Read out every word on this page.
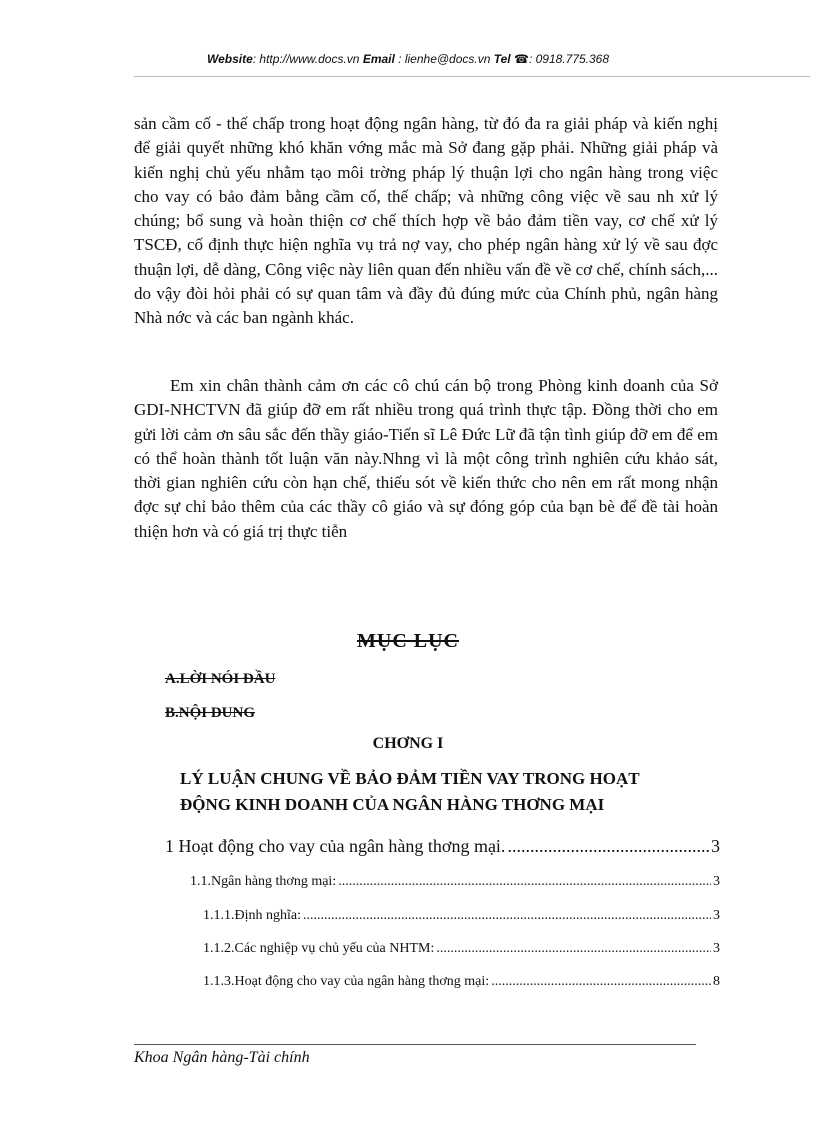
Website: http://www.docs.vn Email : lienhe@docs.vn Tel ☎: 0918.775.368
sản cầm cố - thế chấp trong hoạt động ngân hàng, từ đó đa ra giải pháp và kiến nghị để giải quyết những khó khăn vớng mắc mà Sở đang gặp phải. Những giải pháp và kiến nghị chủ yếu nhằm tạo môi trờng pháp lý thuận lợi cho ngân hàng trong việc cho vay có bảo đảm bằng cầm cố, thế chấp; và những công việc về sau nh xử lý chúng; bổ sung và hoàn thiện cơ chế thích hợp về bảo đảm tiền vay, cơ chế xử lý TSCĐ, cố định thực hiện nghĩa vụ trả nợ vay, cho phép ngân hàng xử lý về sau đợc thuận lợi, dễ dàng, Công việc này liên quan đến nhiều vấn đề về cơ chế, chính sách,... do vậy đòi hỏi phải có sự quan tâm và đầy đủ đúng mức của Chính phủ, ngân hàng Nhà nớc và các ban ngành khác.
Em xin chân thành cảm ơn các cô chú cán bộ trong Phòng kinh doanh của Sở GDI-NHCTVN đã giúp đỡ em rất nhiều trong quá trình thực tập. Đồng thời cho em gửi lời cảm ơn sâu sắc đến thầy giáo-Tiến sĩ Lê Đức Lữ đã tận tình giúp đỡ em để em có thể hoàn thành tốt luận văn này.Nhng vì là một công trình nghiên cứu khảo sát, thời gian nghiên cứu còn hạn chế, thiếu sót về kiến thức cho nên em rất mong nhận đợc sự chỉ bảo thêm của các thầy cô giáo và sự đóng góp của bạn bè để đề tài hoàn thiện hơn và có giá trị thực tiễn
MỤC LỤC
A.LỜI NÓI ĐẦU
B.NỘI DUNG
CHƠNG I
LÝ LUẬN CHUNG VỀ BẢO ĐẢM TIỀN VAY TRONG HOẠT
ĐỘNG KINH DOANH CỦA NGÂN HÀNG THƠNG MẠI
1 Hoạt động cho vay của ngân hàng thơng mại. .....	3
1.1.Ngân hàng thơng mại: .....	3
1.1.1.Định nghĩa: .....	3
1.1.2.Các nghiệp vụ chủ yếu của NHTM: .....	3
1.1.3.Hoạt động cho vay của ngân hàng thơng mại: .....	8
Khoa Ngân hàng-Tài chính
